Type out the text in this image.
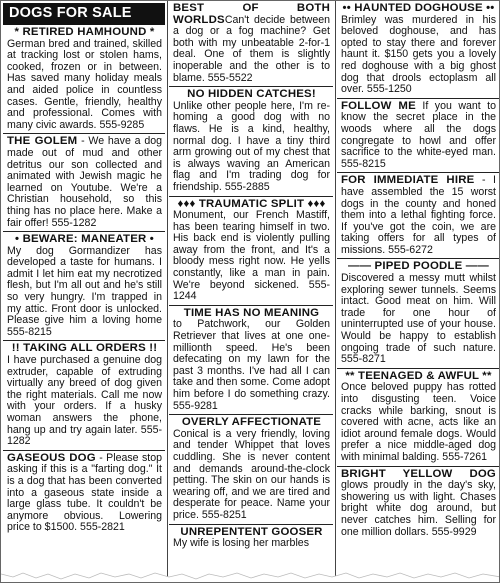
DOGS FOR SALE
* RETIRED HAMHOUND *
German bred and trained, skilled at tracking lost or stolen hams, cooked, frozen or in between. Has saved many holiday meals and aided police in countless cases. Gentle, friendly, healthy and professional. Comes with many civic awards. 555-9285
THE GOLEM - We have a dog made out of mud and other detritus our son collected and animated with Jewish magic he learned on Youtube. We're a Christian household, so this thing has no place here. Make a fair offer! 555-1282
• BEWARE: MANEATER •
My dog Gormandizer has developed a taste for humans. I admit I let him eat my necrotized flesh, but I'm all out and he's still so very hungry. I'm trapped in my attic. Front door is unlocked. Please give him a loving home 555-8215
!! TAKING ALL ORDERS !!
I have purchased a genuine dog extruder, capable of extruding virtually any breed of dog given the right materials. Call me now with your orders. If a husky woman answers the phone, hang up and try again later. 555-1282
GASEOUS DOG - Please stop asking if this is a "farting dog." It is a dog that has been converted into a gaseous state inside a large glass tube. It couldn't be anymore obvious. Lowering price to $1500. 555-2821
BEST OF BOTH WORLDSCan't decide between a dog or a fog machine? Get both with my unbeatable 2-for-1 deal. One of them is slightly inoperable and the other is to blame. 555-5522
NO HIDDEN CATCHES!
Unlike other people here, I'm re-homing a good dog with no flaws. He is a kind, healthy, normal dog. I have a tiny third arm growing out of my chest that is always waving an American flag and I'm trading dog for friendship. 555-2885
♦♦♦ TRAUMATIC SPLIT ♦♦♦
Monument, our French Mastiff, has been tearing himself in two. His back end is violently pulling away from the front, and It's a bloody mess right now. He yells constantly, like a man in pain. We're beyond sickened. 555-1244
TIME HAS NO MEANING
to Patchwork, our Golden Retriever that lives at one one-millionth speed. He's been defecating on my lawn for the past 3 months. I've had all I can take and then some. Come adopt him before I do something crazy. 555-9281
OVERLY AFFECTIONATE
Conical is a very friendly, loving and tender Whippet that loves cuddling. She is never content and demands around-the-clock petting. The skin on our hands is wearing off, and we are tired and desperate for peace. Name your price. 555-8251
UNREPENTENT GOOSER
My wife is losing her marbles
•• HAUNTED DOGHOUSE ••
Brimley was murdered in his beloved doghouse, and has opted to stay there and forever haunt it. $150 gets you a lovely red doghouse with a big ghost dog that drools ectoplasm all over. 555-1250
FOLLOW ME If you want to know the secret place in the woods where all the dogs congregate to howl and offer sacrifice to the white-eyed man. 555-8215
FOR IMMEDIATE HIRE - I have assembled the 15 worst dogs in the county and honed them into a lethal fighting force. If you've got the coin, we are taking offers for all types of missions. 555-6272
—— PIPED POODLE ——
Discovered a messy mutt whilst exploring sewer tunnels. Seems intact. Good meat on him. Will trade for one hour of uninterrupted use of your house. Would be happy to establish ongoing trade of such nature. 555-8271
** TEENAGED & AWFUL **
Once beloved puppy has rotted into disgusting teen. Voice cracks while barking, snout is covered with acne, acts like an idiot around female dogs. Would prefer a nice middle-aged dog with minimal balding. 555-7261
BRIGHT YELLOW DOG glows proudly in the day's sky, showering us with light. Chases bright white dog around, but never catches him. Selling for one million dollars. 555-9929
